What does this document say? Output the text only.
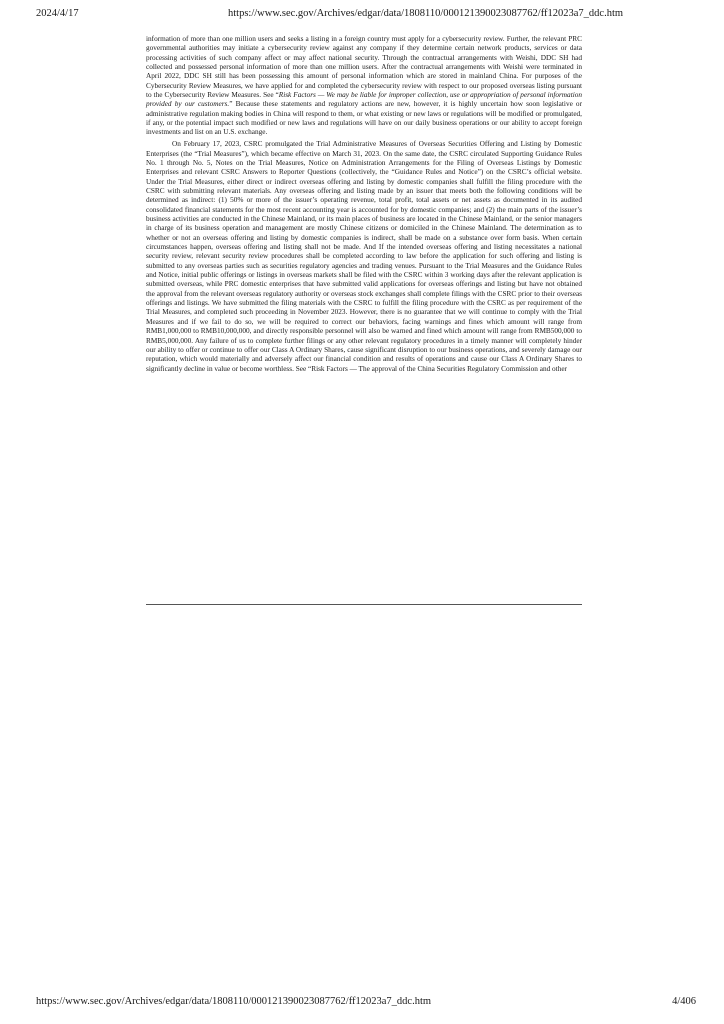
2024/4/17	https://www.sec.gov/Archives/edgar/data/1808110/000121390023087762/ff12023a7_ddc.htm

information of more than one million users and seeks a listing in a foreign country must apply for a cybersecurity review. Further, the relevant PRC governmental authorities may initiate a cybersecurity review against any company if they determine certain network products, services or data processing activities of such company affect or may affect national security. Through the contractual arrangements with Weishi, DDC SH had collected and possessed personal information of more than one million users. After the contractual arrangements with Weishi were terminated in April 2022, DDC SH still has been possessing this amount of personal information which are stored in mainland China. For purposes of the Cybersecurity Review Measures, we have applied for and completed the cybersecurity review with respect to our proposed overseas listing pursuant to the Cybersecurity Review Measures. See “Risk Factors — We may be liable for improper collection, use or appropriation of personal information provided by our customers.” Because these statements and regulatory actions are new, however, it is highly uncertain how soon legislative or administrative regulation making bodies in China will respond to them, or what existing or new laws or regulations will be modified or promulgated, if any, or the potential impact such modified or new laws and regulations will have on our daily business operations or our ability to accept foreign investments and list on an U.S. exchange.

On February 17, 2023, CSRC promulgated the Trial Administrative Measures of Overseas Securities Offering and Listing by Domestic Enterprises (the “Trial Measures”), which became effective on March 31, 2023. On the same date, the CSRC circulated Supporting Guidance Rules No. 1 through No. 5, Notes on the Trial Measures, Notice on Administration Arrangements for the Filing of Overseas Listings by Domestic Enterprises and relevant CSRC Answers to Reporter Questions (collectively, the “Guidance Rules and Notice”) on the CSRC’s official website. Under the Trial Measures, either direct or indirect overseas offering and listing by domestic companies shall fulfill the filing procedure with the CSRC with submitting relevant materials. Any overseas offering and listing made by an issuer that meets both the following conditions will be determined as indirect: (1) 50% or more of the issuer’s operating revenue, total profit, total assets or net assets as documented in its audited consolidated financial statements for the most recent accounting year is accounted for by domestic companies; and (2) the main parts of the issuer’s business activities are conducted in the Chinese Mainland, or its main places of business are located in the Chinese Mainland, or the senior managers in charge of its business operation and management are mostly Chinese citizens or domiciled in the Chinese Mainland. The determination as to whether or not an overseas offering and listing by domestic companies is indirect, shall be made on a substance over form basis. When certain circumstances happen, overseas offering and listing shall not be made. And If the intended overseas offering and listing necessitates a national security review, relevant security review procedures shall be completed according to law before the application for such offering and listing is submitted to any overseas parties such as securities regulatory agencies and trading venues. Pursuant to the Trial Measures and the Guidance Rules and Notice, initial public offerings or listings in overseas markets shall be filed with the CSRC within 3 working days after the relevant application is submitted overseas, while PRC domestic enterprises that have submitted valid applications for overseas offerings and listing but have not obtained the approval from the relevant overseas regulatory authority or overseas stock exchanges shall complete filings with the CSRC prior to their overseas offerings and listings. We have submitted the filing materials with the CSRC to fulfill the filing procedure with the CSRC as per requirement of the Trial Measures, and completed such proceeding in November 2023. However, there is no guarantee that we will continue to comply with the Trial Measures and if we fail to do so, we will be required to correct our behaviors, facing warnings and fines which amount will range from RMB1,000,000 to RMB10,000,000, and directly responsible personnel will also be warned and fined which amount will range from RMB500,000 to RMB5,000,000. Any failure of us to complete further filings or any other relevant regulatory procedures in a timely manner will completely hinder our ability to offer or continue to offer our Class A Ordinary Shares, cause significant disruption to our business operations, and severely damage our reputation, which would materially and adversely affect our financial condition and results of operations and cause our Class A Ordinary Shares to significantly decline in value or become worthless. See “Risk Factors — The approval of the China Securities Regulatory Commission and other

https://www.sec.gov/Archives/edgar/data/1808110/000121390023087762/ff12023a7_ddc.htm	4/406
